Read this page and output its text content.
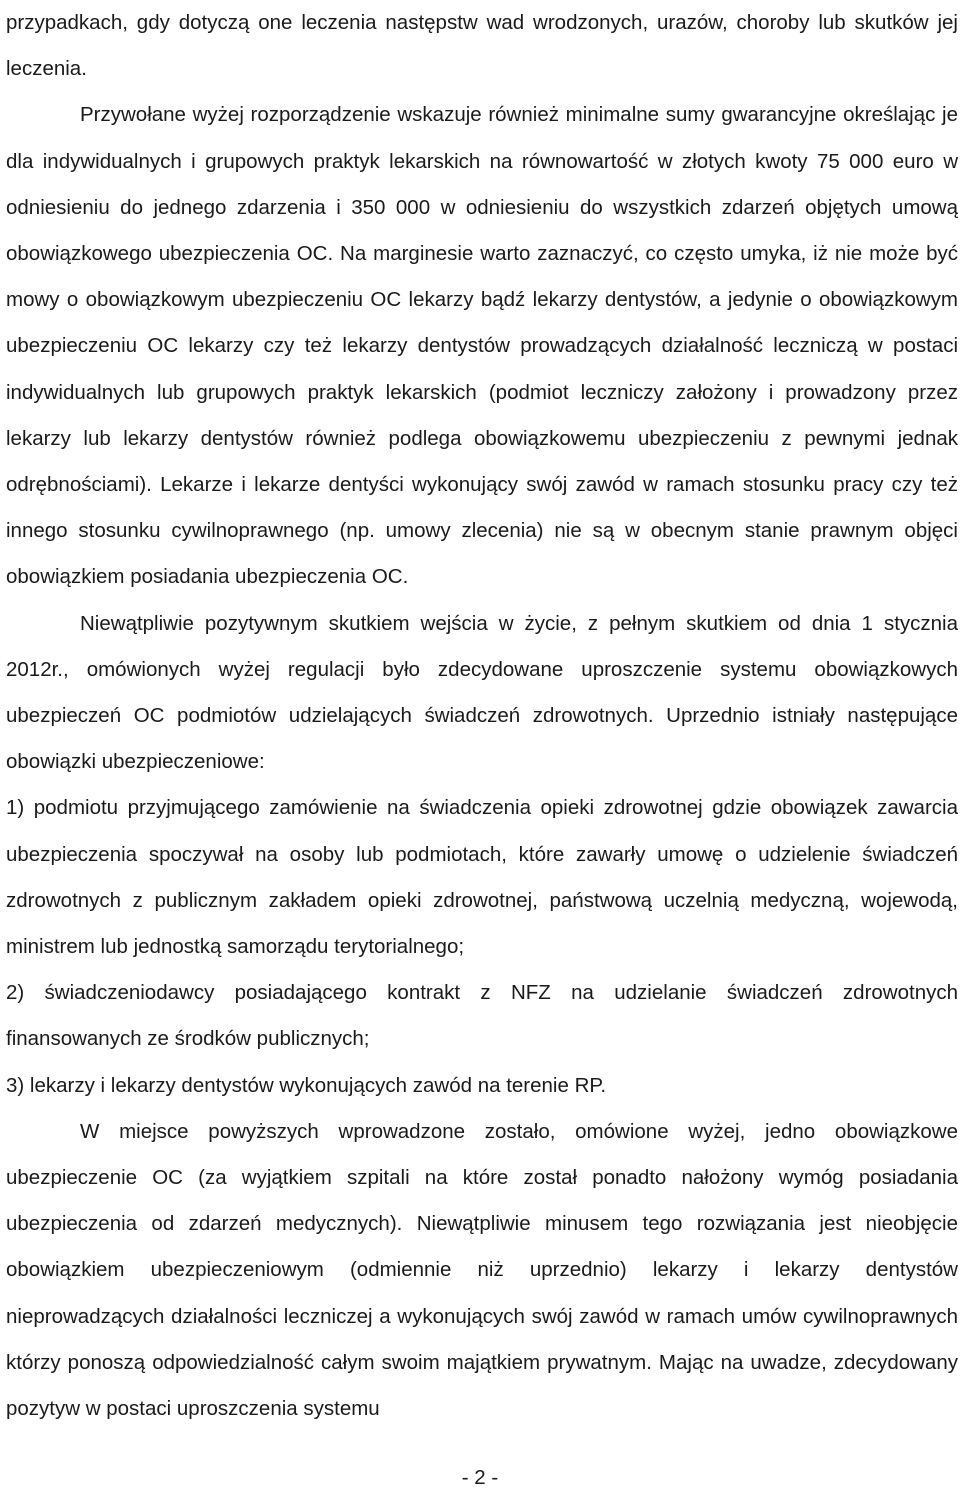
przypadkach, gdy dotyczą one leczenia następstw wad wrodzonych, urazów, choroby lub skutków jej leczenia.

Przywołane wyżej rozporządzenie wskazuje również minimalne sumy gwarancyjne określając je dla indywidualnych i grupowych praktyk lekarskich na równowartość w złotych kwoty 75 000 euro w odniesieniu do jednego zdarzenia i 350 000 w odniesieniu do wszystkich zdarzeń objętych umową obowiązkowego ubezpieczenia OC. Na marginesie warto zaznaczyć, co często umyka, iż nie może być mowy o obowiązkowym ubezpieczeniu OC lekarzy bądź lekarzy dentystów, a jedynie o obowiązkowym ubezpieczeniu OC lekarzy czy też lekarzy dentystów prowadzących działalność leczniczą w postaci indywidualnych lub grupowych praktyk lekarskich (podmiot leczniczy założony i prowadzony przez lekarzy lub lekarzy dentystów również podlega obowiązkowemu ubezpieczeniu z pewnymi jednak odrębnościami). Lekarze i lekarze dentyści wykonujący swój zawód w ramach stosunku pracy czy też innego stosunku cywilnoprawnego (np. umowy zlecenia) nie są w obecnym stanie prawnym objęci obowiązkiem posiadania ubezpieczenia OC.

Niewątpliwie pozytywnym skutkiem wejścia w życie, z pełnym skutkiem od dnia 1 stycznia 2012r., omówionych wyżej regulacji było zdecydowane uproszczenie systemu obowiązkowych ubezpieczeń OC podmiotów udzielających świadczeń zdrowotnych. Uprzednio istniały następujące obowiązki ubezpieczeniowe:

1) podmiotu przyjmującego zamówienie na świadczenia opieki zdrowotnej gdzie obowiązek zawarcia ubezpieczenia spoczywał na osoby lub podmiotach, które zawarły umowę o udzielenie świadczeń zdrowotnych z publicznym zakładem opieki zdrowotnej, państwową uczelnią medyczną, wojewodą, ministrem lub jednostką samorządu terytorialnego;

2) świadczeniodawcy posiadającego kontrakt z NFZ na udzielanie świadczeń zdrowotnych finansowanych ze środków publicznych;

3) lekarzy i lekarzy dentystów wykonujących zawód na terenie RP.

W miejsce powyższych wprowadzone zostało, omówione wyżej, jedno obowiązkowe ubezpieczenie OC (za wyjątkiem szpitali na które został ponadto nałożony wymóg posiadania ubezpieczenia od zdarzeń medycznych). Niewątpliwie minusem tego rozwiązania jest nieobjęcie obowiązkiem ubezpieczeniowym (odmiennie niż uprzednio) lekarzy i lekarzy dentystów nieprowadzących działalności leczniczej a wykonujących swój zawód w ramach umów cywilnoprawnych którzy ponoszą odpowiedzialność całym swoim majątkiem prywatnym. Mając na uwadze, zdecydowany pozytyw w postaci uproszczenia systemu

- 2 -
